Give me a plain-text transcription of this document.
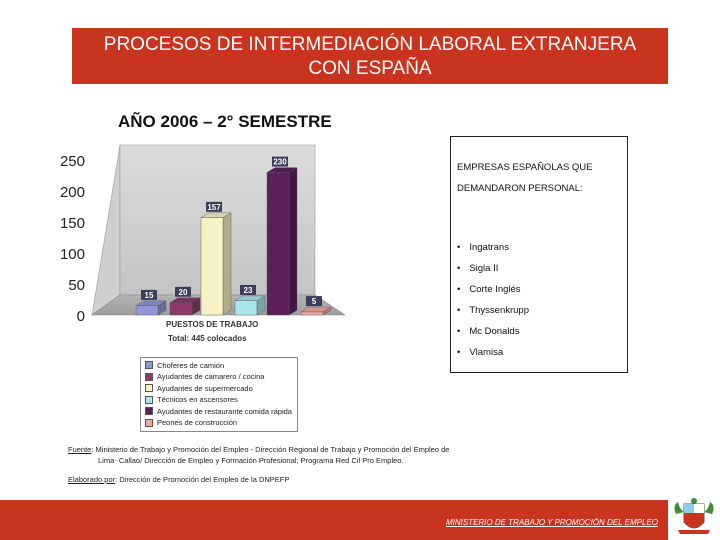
PROCESOS DE INTERMEDIACIÓN LABORAL EXTRANJERA
CON ESPAÑA
AÑO 2006 – 2° SEMESTRE
0
50
100
150
200
250
15	20
157
23
230
5
PUESTOS DE TRABAJO
Total: 445 colocados
Choferes de camión
Ayudantes de camarero / cocina
Ayudantes de supermercado
Técnicos en ascensores
Ayudantes de restaurante comida rápida
Peones de construcción
EMPRESAS ESPAÑOLAS QUE DEMANDARON PERSONAL:
• Ingatrans
• Sigla II
• Corte Inglés
• Thyssenkrupp
• Mc Donalds
• Vlamisa
Fuente: Ministerio de Trabajo y Promoción del Empleo - Dirección Regional de Trabajo y Promoción del Empleo de
Lima- Callao/ Dirección de Empleo y Formación Profesional; Programa Red Cil Pro Empleo.
Elaborado por: Dirección de Promoción del Empleo de la DNPEFP
MINISTERIO DE TRABAJO Y PROMOCIÓN DEL EMPLEO
